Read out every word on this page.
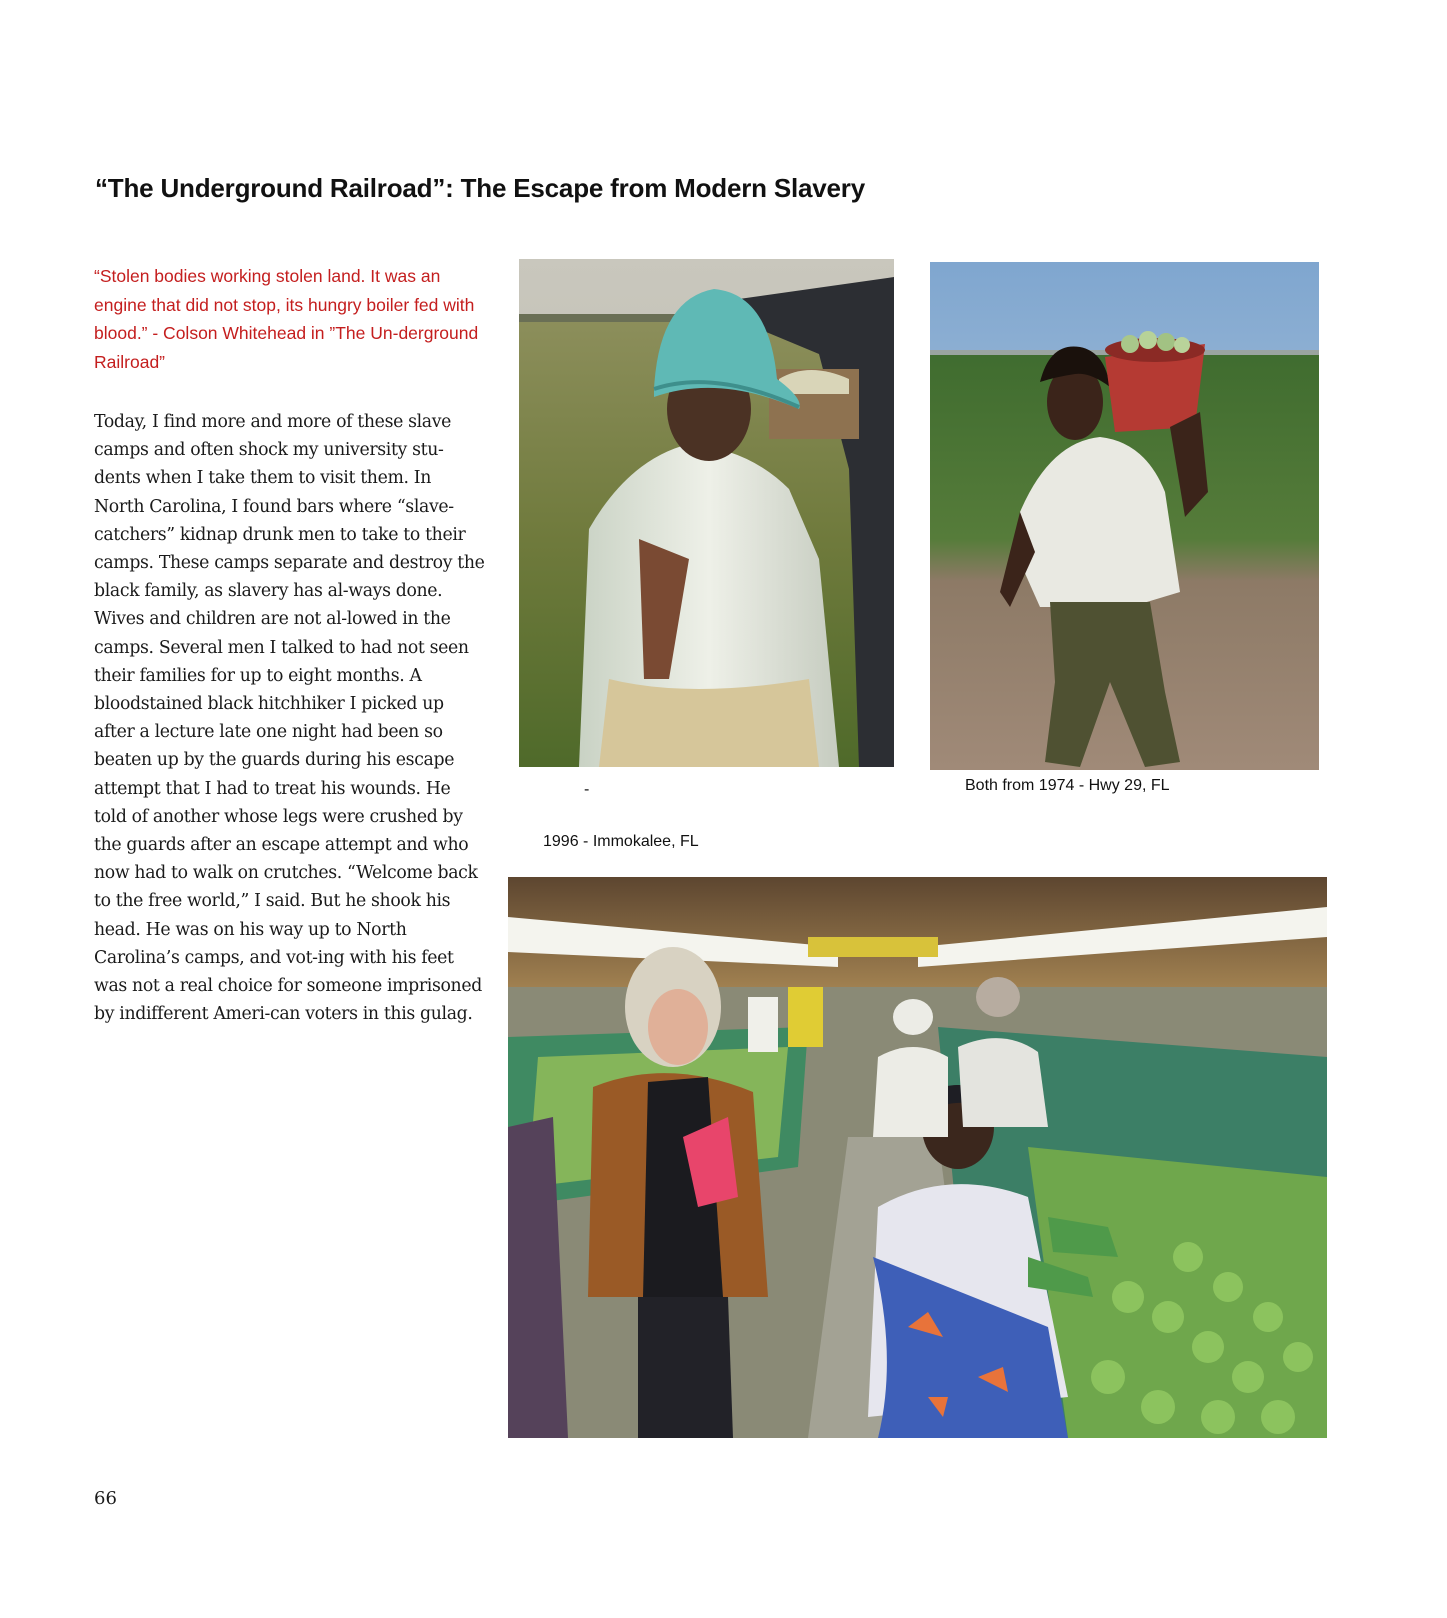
“The Underground Railroad”: The Escape from Modern Slavery

“Stolen bodies working stolen land. It was an engine that did not stop, its hungry boiler fed with blood.” - Colson Whitehead in ”The Un-derground Railroad”

Today, I find more and more of these slave camps and often shock my university stu-dents when I take them to visit them. In North Carolina, I found bars where “slave-catchers” kidnap drunk men to take to their camps. These camps separate and destroy the black family, as slavery has al-ways done. Wives and children are not al-lowed in the camps. Several men I talked to had not seen their families for up to eight months. A bloodstained black hitchhiker I picked up after a lecture late one night had been so beaten up by the guards during his escape attempt that I had to treat his wounds. He told of another whose legs were crushed by the guards after an escape attempt and who now had to walk on crutches. “Welcome back to the free world,” I said. But he shook his head. He was on his way up to North Carolina’s camps, and vot-ing with his feet was not a real choice for someone imprisoned by indifferent Ameri-can voters in this gulag.

-	Both from 1974 - Hwy 29, FL
1996 - Immokalee, FL
66
